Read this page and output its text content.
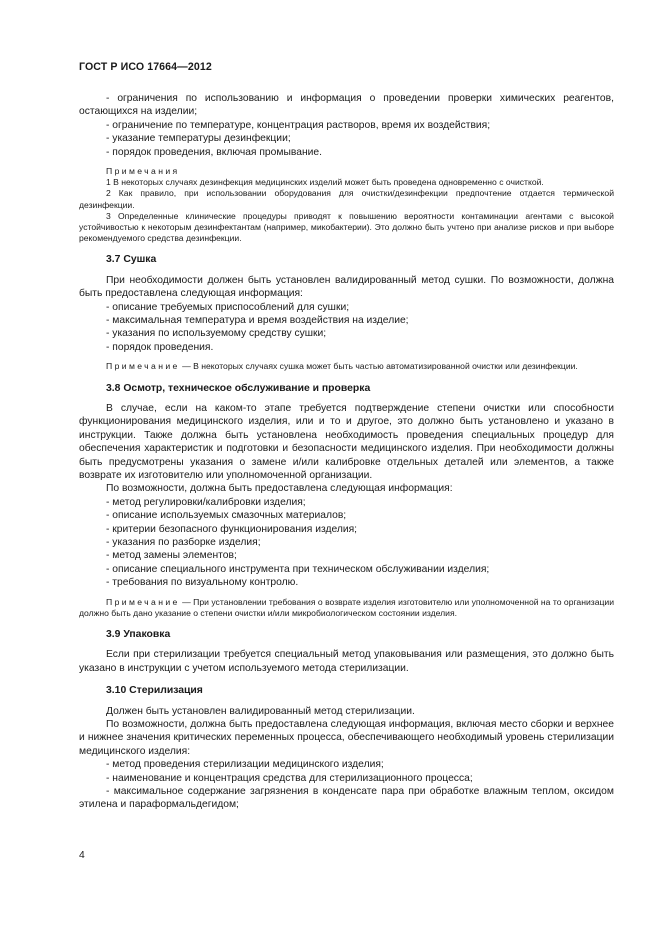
ГОСТ Р ИСО 17664—2012

- ограничения по использованию и информация о проведении проверки химических реагентов, остающихся на изделии;

- ограничение по температуре, концентрация растворов, время их воздействия;

- указание температуры дезинфекции;

- порядок проведения, включая промывание.

Примечания

1 В некоторых случаях дезинфекция медицинских изделий может быть проведена одновременно с очисткой.

2 Как правило, при использовании оборудования для очистки/дезинфекции предпочтение отдается термической дезинфекции.

3 Определенные клинические процедуры приводят к повышению вероятности контаминации агентами с высокой устойчивостью к некоторым дезинфектантам (например, микобактерии). Это должно быть учтено при анализе рисков и при выборе рекомендуемого средства дезинфекции.

3.7 Сушка

При необходимости должен быть установлен валидированный метод сушки. По возможности, должна быть предоставлена следующая информация:

- описание требуемых приспособлений для сушки;

- максимальная температура и время воздействия на изделие;

- указания по используемому средству сушки;

- порядок проведения.

Примечание — В некоторых случаях сушка может быть частью автоматизированной очистки или дезинфекции.

3.8 Осмотр, техническое обслуживание и проверка

В случае, если на каком-то этапе требуется подтверждение степени очистки или способности функционирования медицинского изделия, или и то и другое, это должно быть установлено и указано в инструкции. Также должна быть установлена необходимость проведения специальных процедур для обеспечения характеристик и подготовки и безопасности медицинского изделия. При необходимости должны быть предусмотрены указания о замене и/или калибровке отдельных деталей или элементов, а также возврате их изготовителю или уполномоченной организации.

По возможности, должна быть предоставлена следующая информация:

- метод регулировки/калибровки изделия;

- описание используемых смазочных материалов;

- критерии безопасного функционирования изделия;

- указания по разборке изделия;

- метод замены элементов;

- описание специального инструмента при техническом обслуживании изделия;

- требования по визуальному контролю.

Примечание — При установлении требования о возврате изделия изготовителю или уполномоченной на то организации должно быть дано указание о степени очистки и/или микробиологическом состоянии изделия.

3.9 Упаковка

Если при стерилизации требуется специальный метод упаковывания или размещения, это должно быть указано в инструкции с учетом используемого метода стерилизации.

3.10 Стерилизация

Должен быть установлен валидированный метод стерилизации.

По возможности, должна быть предоставлена следующая информация, включая место сборки и верхнее и нижнее значения критических переменных процесса, обеспечивающего необходимый уровень стерилизации медицинского изделия:

- метод проведения стерилизации медицинского изделия;

- наименование и концентрация средства для стерилизационного процесса;

- максимальное содержание загрязнения в конденсате пара при обработке влажным теплом, оксидом этилена и параформальдегидом;

4
